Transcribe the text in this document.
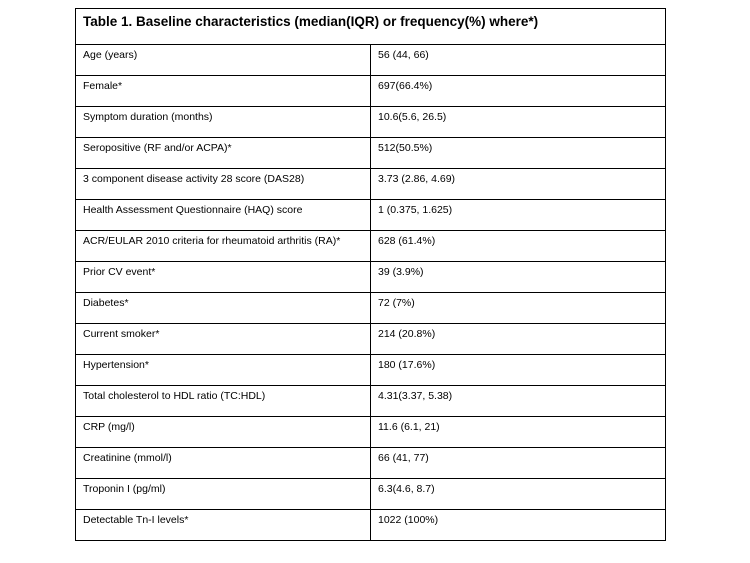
Table 1. Baseline characteristics (median(IQR) or frequency(%) where*)	
Age (years)	56 (44, 66)
Female*	697(66.4%)
Symptom duration (months)	10.6(5.6, 26.5)
Seropositive (RF and/or ACPA)*	512(50.5%)
3 component disease activity 28 score (DAS28)	3.73 (2.86, 4.69)
Health Assessment Questionnaire (HAQ) score	1 (0.375, 1.625)
ACR/EULAR 2010 criteria for rheumatoid arthritis (RA)*	628 (61.4%)
Prior CV event*	39 (3.9%)
Diabetes*	72 (7%)
Current smoker*	214 (20.8%)
Hypertension*	180 (17.6%)
Total cholesterol to HDL ratio (TC:HDL)	4.31(3.37, 5.38)
CRP (mg/l)	11.6 (6.1, 21)
Creatinine (mmol/l)	66 (41, 77)
Troponin I (pg/ml)	6.3(4.6, 8.7)
Detectable Tn-I levels*	1022 (100%)
